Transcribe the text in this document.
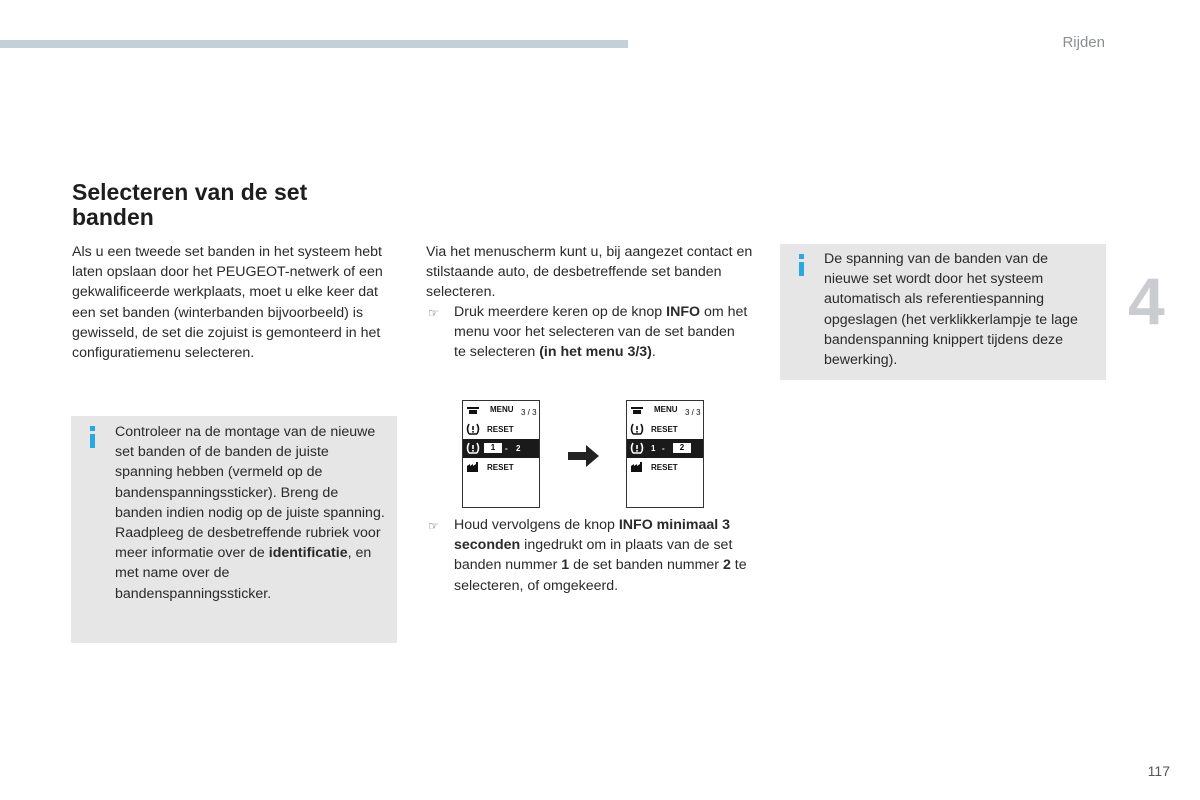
Rijden
4
Selecteren van de set banden

Als u een tweede set banden in het systeem hebt laten opslaan door het PEUGEOT-netwerk of een gekwalificeerde werkplaats, moet u elke keer dat een set banden (winterbanden bijvoorbeeld) is gewisseld, de set die zojuist is gemonteerd in het configuratiemenu selecteren.

Controleer na de montage van de nieuwe set banden of de banden de juiste spanning hebben (vermeld op de bandenspanningssticker). Breng de banden indien nodig op de juiste spanning.

Raadpleeg de desbetreffende rubriek voor meer informatie over de identificatie, en met name over de bandenspanningssticker.

Via het menuscherm kunt u, bij aangezet contact en stilstaande auto, de desbetreffende set banden selecteren.

☞ Druk meerdere keren op de knop INFO om het menu voor het selecteren van de set banden te selecteren (in het menu 3/3).

MENU 3 / 3
RESET
1	- 2
RESET
MENU 3 / 3
RESET
1 -	2
RESET
☞ Houd vervolgens de knop INFO minimaal 3 seconden ingedrukt om in plaats van de set banden nummer 1 de set banden nummer 2 te selecteren, of omgekeerd.

De spanning van de banden van de nieuwe set wordt door het systeem automatisch als referentiespanning opgeslagen (het verklikkerlampje te lage bandenspanning knippert tijdens deze bewerking).

117
